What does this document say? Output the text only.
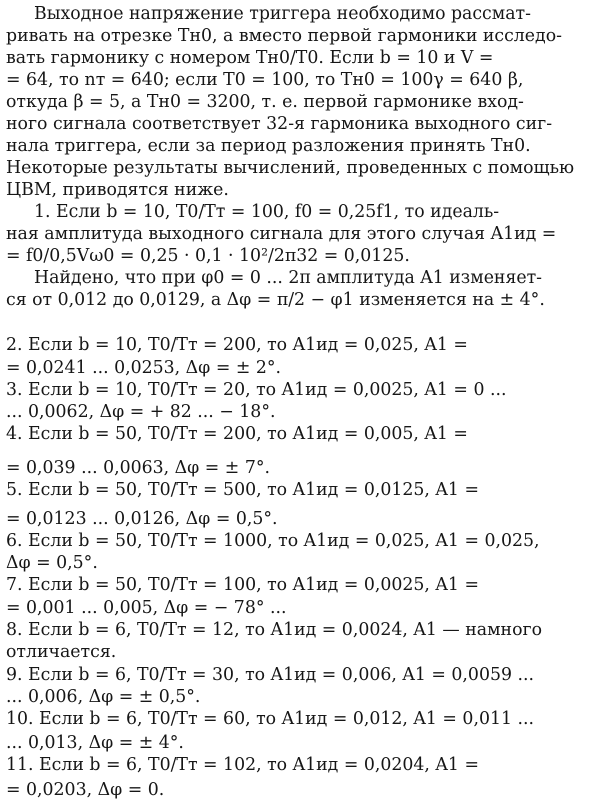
Выходное напряжение триггера необходимо рассмат-
ривать на отрезке Tн0, а вместо первой гармоники исследо-
вать гармонику с номером Tн0/T0. Если b = 10 и V =
= 64, то nт = 640; если T0 = 100, то Tн0 = 100γ = 640 β,
откуда β = 5, а Tн0 = 3200, т. е. первой гармонике вход-
ного сигнала соответствует 32-я гармоника выходного сиг-
нала триггера, если за период разложения принять Tн0.
Некоторые результаты вычислений, проведенных с помощью
ЦВМ, приводятся ниже.
1. Если b = 10, T0/Tт = 100, f0 = 0,25f1, то идеаль-
ная амплитуда выходного сигнала для этого случая A1ид =
= f0/0,5Vω0 = 0,25 · 0,1 · 10²/2π32 = 0,0125.
Найдено, что при φ0 = 0 ... 2π амплитуда A1 изменяет-
ся от 0,012 до 0,0129, а Δφ = π/2 − φ1 изменяется на ± 4°.
2. Если b = 10, T0/Tт = 200, то A1ид = 0,025, A1 =
= 0,0241 ... 0,0253, Δφ = ± 2°.
3. Если b = 10, T0/Tт = 20, то A1ид = 0,0025, A1 = 0 ...
... 0,0062, Δφ = + 82 ... − 18°.
4. Если b = 50, T0/Tт = 200, то A1ид = 0,005, A1 =
= 0,039 ... 0,0063, Δφ = ± 7°.
5. Если b = 50, T0/Tт = 500, то A1ид = 0,0125, A1 =
= 0,0123 ... 0,0126, Δφ = 0,5°.
6. Если b = 50, T0/Tт = 1000, то A1ид = 0,025, A1 = 0,025,
Δφ = 0,5°.
7. Если b = 50, T0/Tт = 100, то A1ид = 0,0025, A1 =
= 0,001 ... 0,005, Δφ = − 78° ...
8. Если b = 6, T0/Tт = 12, то A1ид = 0,0024, A1 — намного
отличается.
9. Если b = 6, T0/Tт = 30, то A1ид = 0,006, A1 = 0,0059 ...
... 0,006, Δφ = ± 0,5°.
10. Если b = 6, T0/Tт = 60, то A1ид = 0,012, A1 = 0,011 ...
... 0,013, Δφ = ± 4°.
11. Если b = 6, T0/Tт = 102, то A1ид = 0,0204, A1 =
= 0,0203, Δφ = 0.
